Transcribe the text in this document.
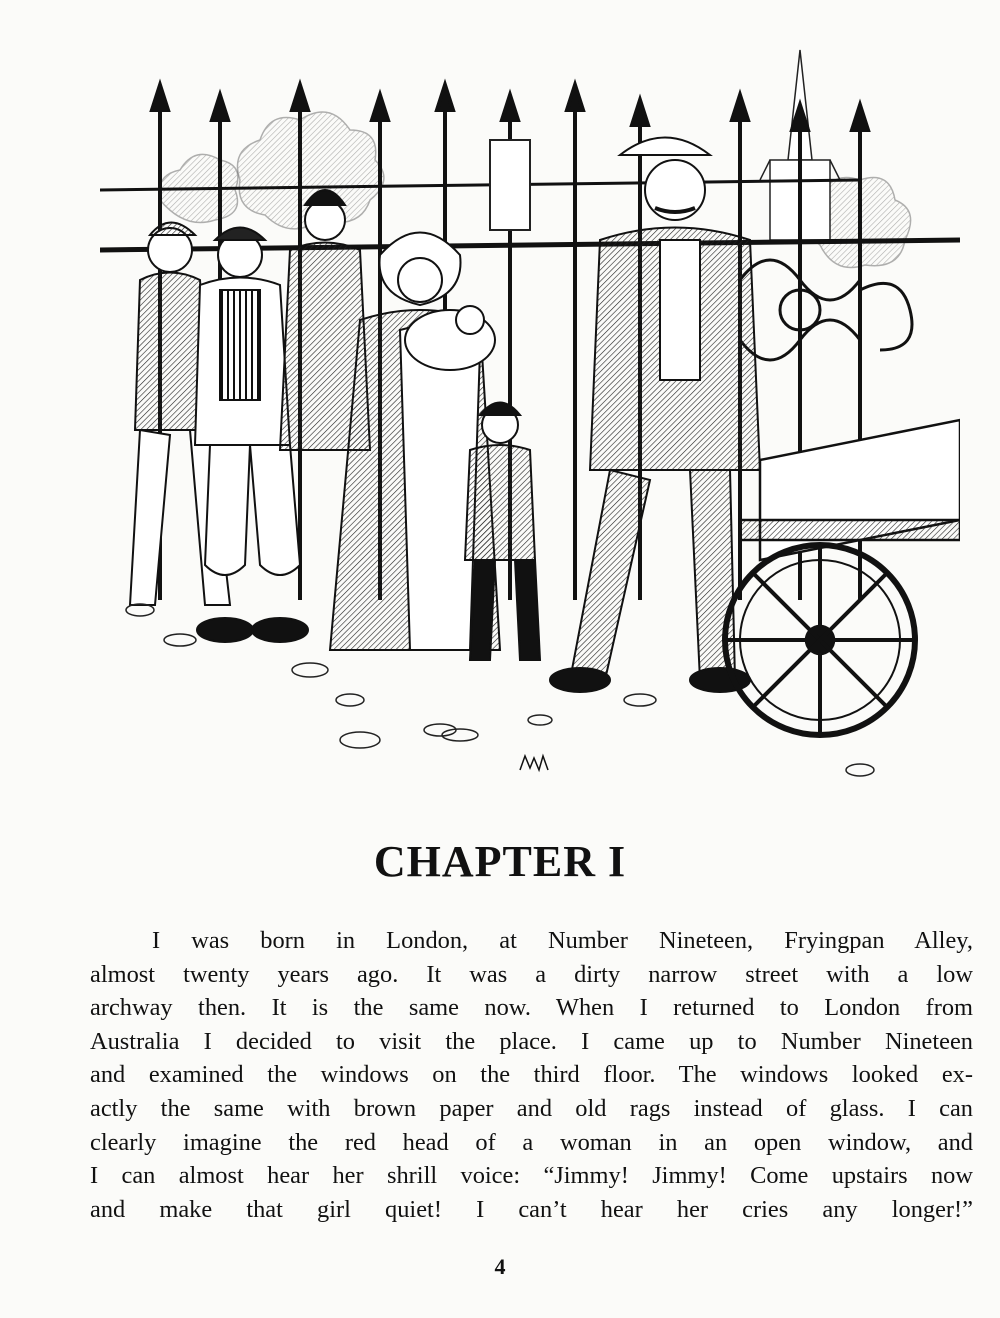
CHAPTER I
I was born in London, at Number Nineteen, Fryingpan Alley,
almost twenty years ago. It was a dirty narrow street with a low
archway then. It is the same now. When I returned to London from
Australia I decided to visit the place. I came up to Number Nineteen
and examined the windows on the third floor. The windows looked ex-
actly the same with brown paper and old rags instead of glass. I can
clearly imagine the red head of a woman in an open window, and
I can almost hear her shrill voice: “Jimmy! Jimmy! Come upstairs now
and make that girl quiet! I can’t hear her cries any longer!”
4
